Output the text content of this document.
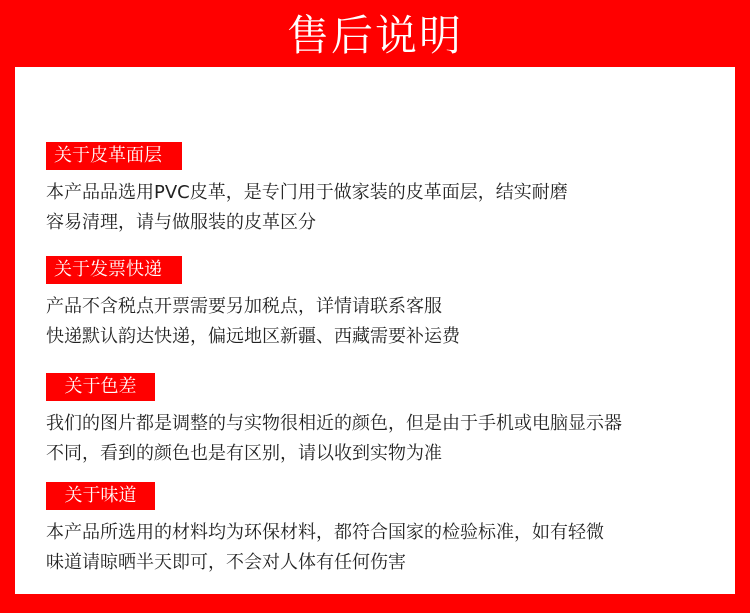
售后说明
关于皮革面层
本产品品选用PVC皮革，是专门用于做家装的皮革面层，结实耐磨
容易清理，请与做服装的皮革区分
关于发票快递
产品不含税点开票需要另加税点，详情请联系客服
快递默认韵达快递，偏远地区新疆、西藏需要补运费
关于色差
我们的图片都是调整的与实物很相近的颜色，但是由于手机或电脑显示器
不同，看到的颜色也是有区别，请以收到实物为准
关于味道
本产品所选用的材料均为环保材料，都符合国家的检验标准，如有轻微
味道请晾晒半天即可，不会对人体有任何伤害
